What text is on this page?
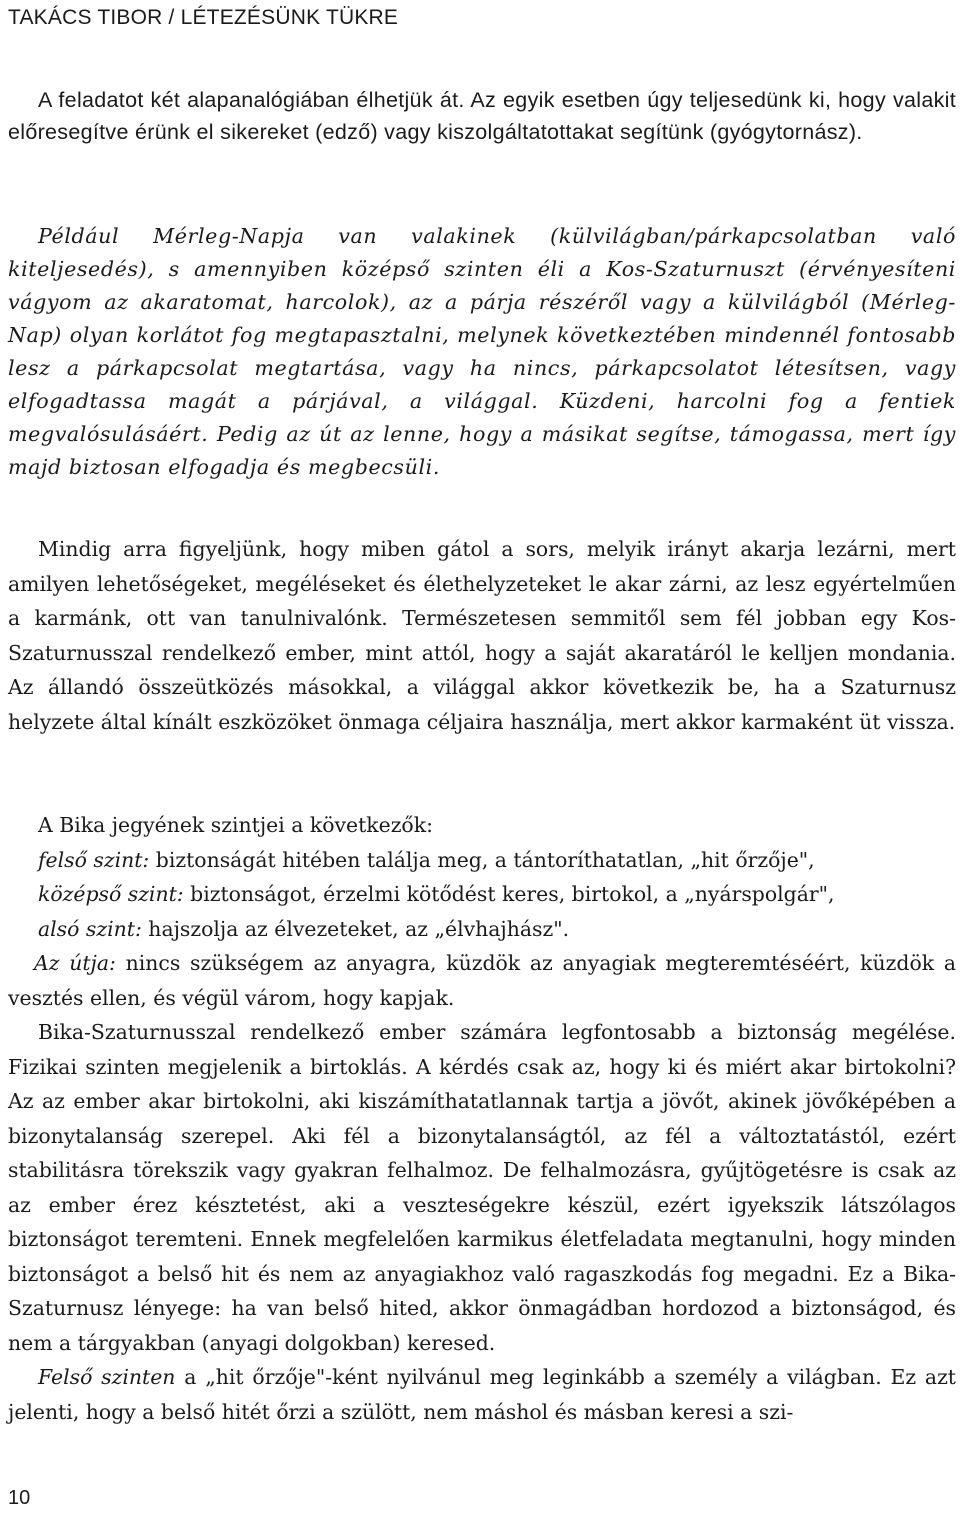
TAKÁCS TIBOR / LÉTEZÉSÜNK TÜKRE

A feladatot két alapanalógiában élhetjük át. Az egyik esetben úgy teljesedünk ki, hogy valakit előresegítve érünk el sikereket (edző) vagy kiszolgáltatottakat segítünk (gyógytornász).

Például Mérleg-Napja van valakinek (külvilágban/párkapcsolatban való kiteljesedés), s amennyiben középső szinten éli a Kos-Szaturnuszt (érvényesíteni vágyom az akaratomat, harcolok), az a párja részéről vagy a külvilágból (Mérleg-Nap) olyan korlátot fog megtapasztalni, melynek következtében mindennél fontosabb lesz a párkapcsolat megtartása, vagy ha nincs, párkapcsolatot létesítsen, vagy elfogadtassa magát a párjával, a világgal. Küzdeni, harcolni fog a fentiek megvalósulásáért. Pedig az út az lenne, hogy a másikat segítse, támogassa, mert így majd biztosan elfogadja és megbecsüli.

Mindig arra figyeljünk, hogy miben gátol a sors, melyik irányt akarja lezárni, mert amilyen lehetőségeket, megéléseket és élethelyzeteket le akar zárni, az lesz egyértelműen a karmánk, ott van tanulnivalónk. Természetesen semmitől sem fél jobban egy Kos-Szaturnusszal rendelkező ember, mint attól, hogy a saját akaratáról le kelljen mondania. Az állandó összeütközés másokkal, a világgal akkor következik be, ha a Szaturnusz helyzete által kínált eszközöket önmaga céljaira használja, mert akkor karmaként üt vissza.

A Bika jegyének szintjei a következők:
felső szint: biztonságát hitében találja meg, a tántoríthatatlan, „hit őrzője",
középső szint: biztonságot, érzelmi kötődést keres, birtokol, a „nyárspolgár",
alsó szint: hajszolja az élvezeteket, az „élvhajhász".

Az útja: nincs szükségem az anyagra, küzdök az anyagiak megteremtéséért, küzdök a vesztés ellen, és végül várom, hogy kapjak.

Bika-Szaturnusszal rendelkező ember számára legfontosabb a biztonság megélése. Fizikai szinten megjelenik a birtoklás. A kérdés csak az, hogy ki és miért akar birtokolni? Az az ember akar birtokolni, aki kiszámíthatatlannak tartja a jövőt, akinek jövőképében a bizonytalanság szerepel. Aki fél a bizonytalanságtól, az fél a változtatástól, ezért stabilitásra törekszik vagy gyakran felhalmoz. De felhalmozásra, gyűjtögetésre is csak az az ember érez késztetést, aki a veszteségekre készül, ezért igyekszik látszólagos biztonságot teremteni. Ennek megfelelően karmikus életfeladata megtanulni, hogy minden biztonságot a belső hit és nem az anyagiakhoz való ragaszkodás fog megadni. Ez a Bika-Szaturnusz lényege: ha van belső hited, akkor önmagádban hordozod a biztonságod, és nem a tárgyakban (anyagi dolgokban) keresed.

Felső szinten a „hit őrzője"-ként nyilvánul meg leginkább a személy a világban. Ez azt jelenti, hogy a belső hitét őrzi a szülött, nem máshol és másban keresi a szi-

10
